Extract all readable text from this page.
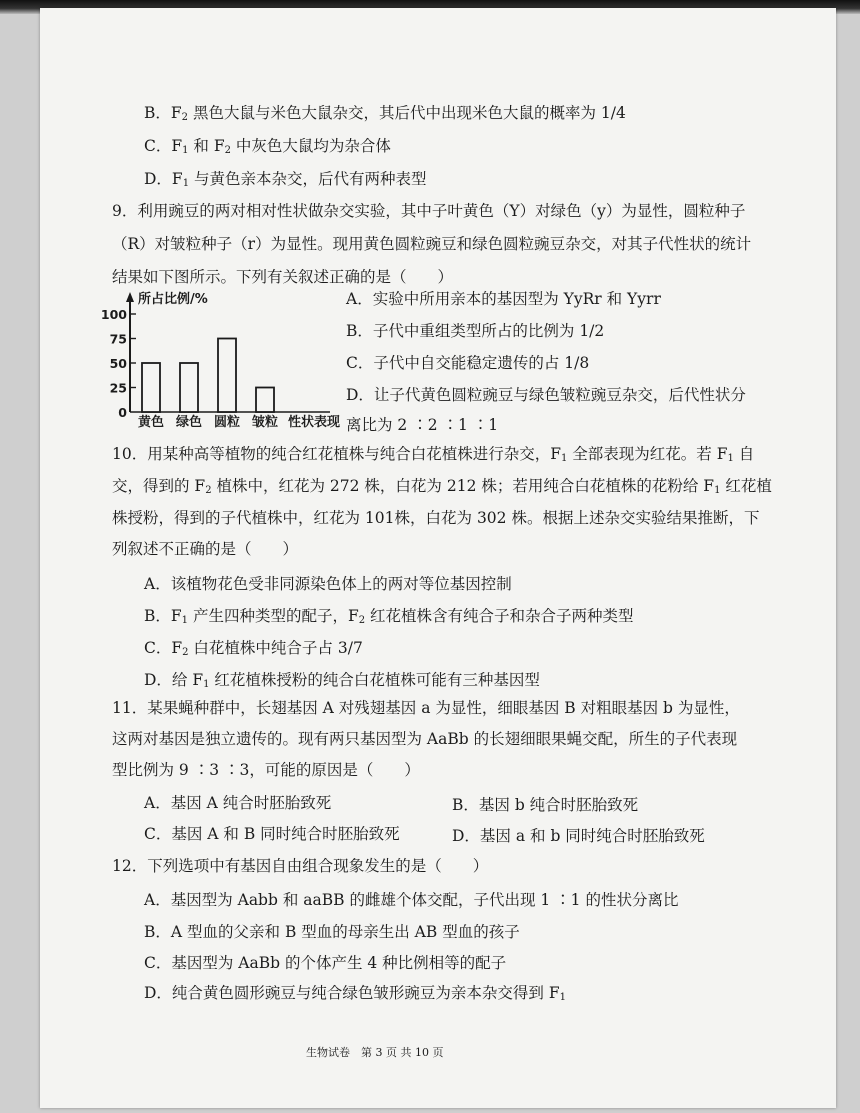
B．$F_2$ 黑色大鼠与米色大鼠杂交，其后代中出现米色大鼠的概率为 1/4
C．$F_1$ 和 $F_2$ 中灰色大鼠均为杂合体
D．$F_1$ 与黄色亲本杂交，后代有两种表型
9．利用豌豆的两对相对性状做杂交实验，其中子叶黄色（Y）对绿色（y）为显性，圆粒种子
（R）对皱粒种子（r）为显性。现用黄色圆粒豌豆和绿色圆粒豌豆杂交，对其子代性状的统计
结果如下图所示。下列有关叙述正确的是（　　）
所占比例/%
100
75
50
25
0
黄色 绿色 圆粒 皱粒 性状表现
A．实验中所用亲本的基因型为 YyRr 和 Yyrr
B．子代中重组类型所占的比例为 1/2
C．子代中自交能稳定遗传的占 1/8
D．让子代黄色圆粒豌豆与绿色皱粒豌豆杂交，后代性状分
离比为 2 ∶2 ∶1 ∶1
10．用某种高等植物的纯合红花植株与纯合白花植株进行杂交，$F_1$ 全部表现为红花。若 $F_1$ 自
交，得到的 $F_2$ 植株中，红花为 272 株，白花为 212 株；若用纯合白花植株的花粉给 $F_1$ 红花植
株授粉，得到的子代植株中，红花为 101株，白花为 302 株。根据上述杂交实验结果推断，下
列叙述不正确的是（　　）
A．该植物花色受非同源染色体上的两对等位基因控制
B．$F_1$ 产生四种类型的配子，$F_2$ 红花植株含有纯合子和杂合子两种类型
C．$F_2$ 白花植株中纯合子占 3/7
D．给 $F_1$ 红花植株授粉的纯合白花植株可能有三种基因型
11．某果蝇种群中，长翅基因 A 对残翅基因 a 为显性，细眼基因 B 对粗眼基因 b 为显性，
这两对基因是独立遗传的。现有两只基因型为 AaBb 的长翅细眼果蝇交配，所生的子代表现
型比例为 9 ∶3 ∶3，可能的原因是（　　）
A．基因 A 纯合时胚胎致死	B．基因 b 纯合时胚胎致死
C．基因 A 和 B 同时纯合时胚胎致死	D．基因 a 和 b 同时纯合时胚胎致死
12．下列选项中有基因自由组合现象发生的是（　　）
A．基因型为 Aabb 和 aaBB 的雌雄个体交配，子代出现 1 ∶1 的性状分离比
B．A 型血的父亲和 B 型血的母亲生出 AB 型血的孩子
C．基因型为 AaBb 的个体产生 4 种比例相等的配子
D．纯合黄色圆形豌豆与纯合绿色皱形豌豆为亲本杂交得到 $F_1$
生物试卷　第 3 页 共 10 页
